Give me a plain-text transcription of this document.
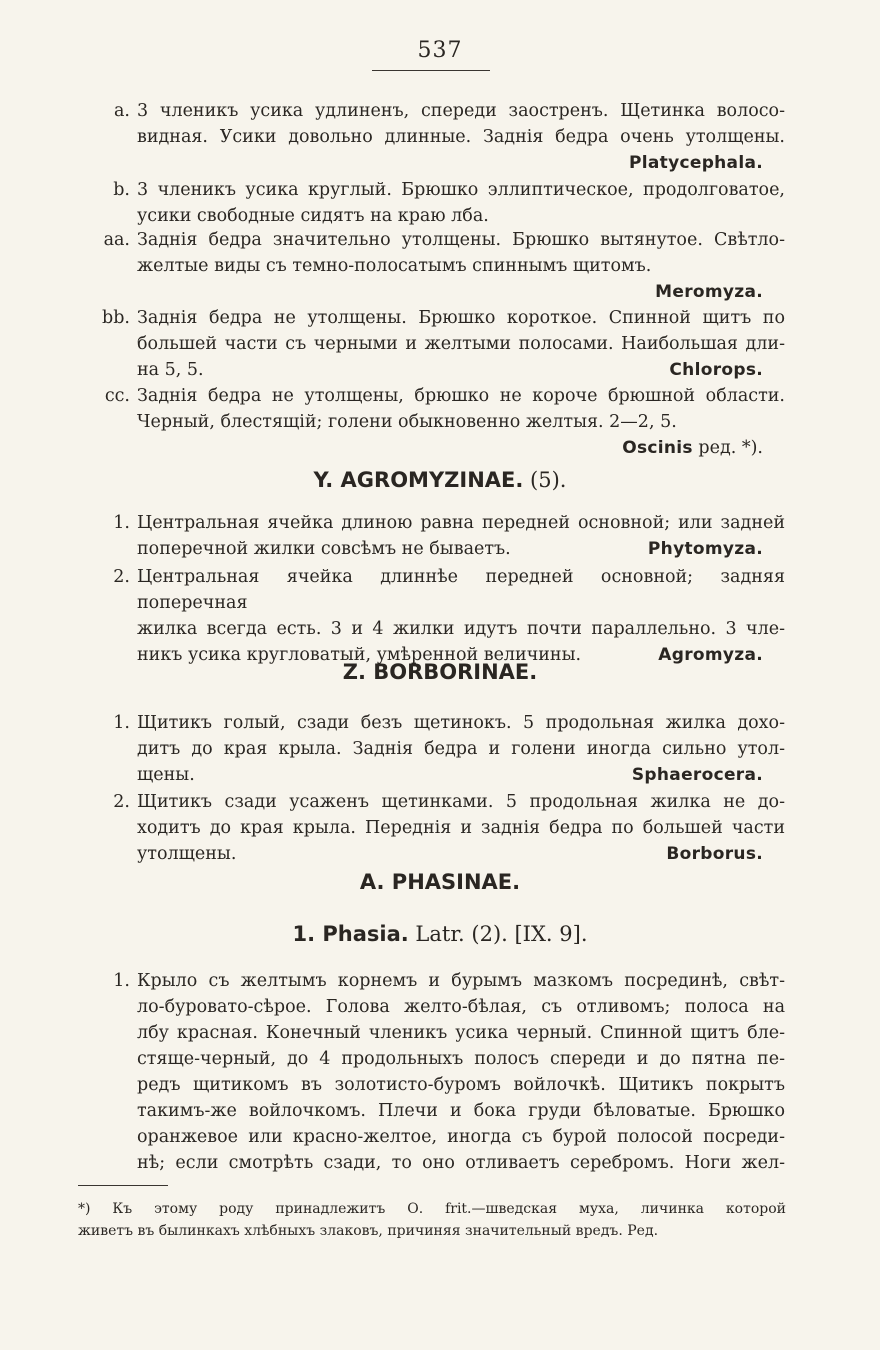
537
a. 3 членикъ усика удлиненъ, спереди заостренъ. Щетинка волосо-
видная. Усики довольно длинные. Заднія бедра очень утолщены.
Platycephala.
b. 3 членикъ усика круглый. Брюшко эллиптическое, продолговатое,
усики свободные сидятъ на краю лба.
aa. Заднія бедра значительно утолщены. Брюшко вытянутое. Свѣтло-
желтые виды съ темно-полосатымъ спиннымъ щитомъ.
Meromyza.
bb. Заднія бедра не утолщены. Брюшко короткое. Спинной щитъ по
большей части съ черными и желтыми полосами. Наибольшая дли-
на 5, 5.	Chlorops.
cc. Заднія бедра не утолщены, брюшко не короче брюшной области.
Черный, блестящій; голени обыкновенно желтыя. 2—2, 5.
Oscinis ред. *).
Y. AGROMYZINAE. (5).
1. Центральная ячейка длиною равна передней основной; или задней
поперечной жилки совсѣмъ не бываетъ.	Phytomyza.
2. Центральная ячейка длиннѣе передней основной; задняя поперечная
жилка всегда есть. 3 и 4 жилки идутъ почти параллельно. 3 чле-
никъ усика кругловатый, умѣренной величины.	Agromyza.
Z. BORBORINAE.
1. Щитикъ голый, сзади безъ щетинокъ. 5 продольная жилка дохо-
дитъ до края крыла. Заднія бедра и голени иногда сильно утол-
щены.	Sphaerocera.
2. Щитикъ сзади усаженъ щетинками. 5 продольная жилка не до-
ходитъ до края крыла. Переднія и заднія бедра по большей части
утолщены.	Borborus.
A. PHASINAE.
1. Phasia. Latr. (2). [IX. 9].
1. Крыло съ желтымъ корнемъ и бурымъ мазкомъ посрединѣ, свѣт-
ло-буровато-сѣрое. Голова желто-бѣлая, съ отливомъ; полоса на
лбу красная. Конечный членикъ усика черный. Спинной щитъ бле-
стяще-черный, до 4 продольныхъ полосъ спереди и до пятна пе-
редъ щитикомъ въ золотисто-буромъ войлочкѣ. Щитикъ покрытъ
такимъ-же войлочкомъ. Плечи и бока груди бѣловатые. Брюшко
оранжевое или красно-желтое, иногда съ бурой полосой посреди-
нѣ; если смотрѣть сзади, то оно отливаетъ серебромъ. Ноги жел-
*) Къ этому роду принадлежитъ О. frit.—шведская муха, личинка которой
живетъ въ былинкахъ хлѣбныхъ злаковъ, причиняя значительный вредъ. Ред.
